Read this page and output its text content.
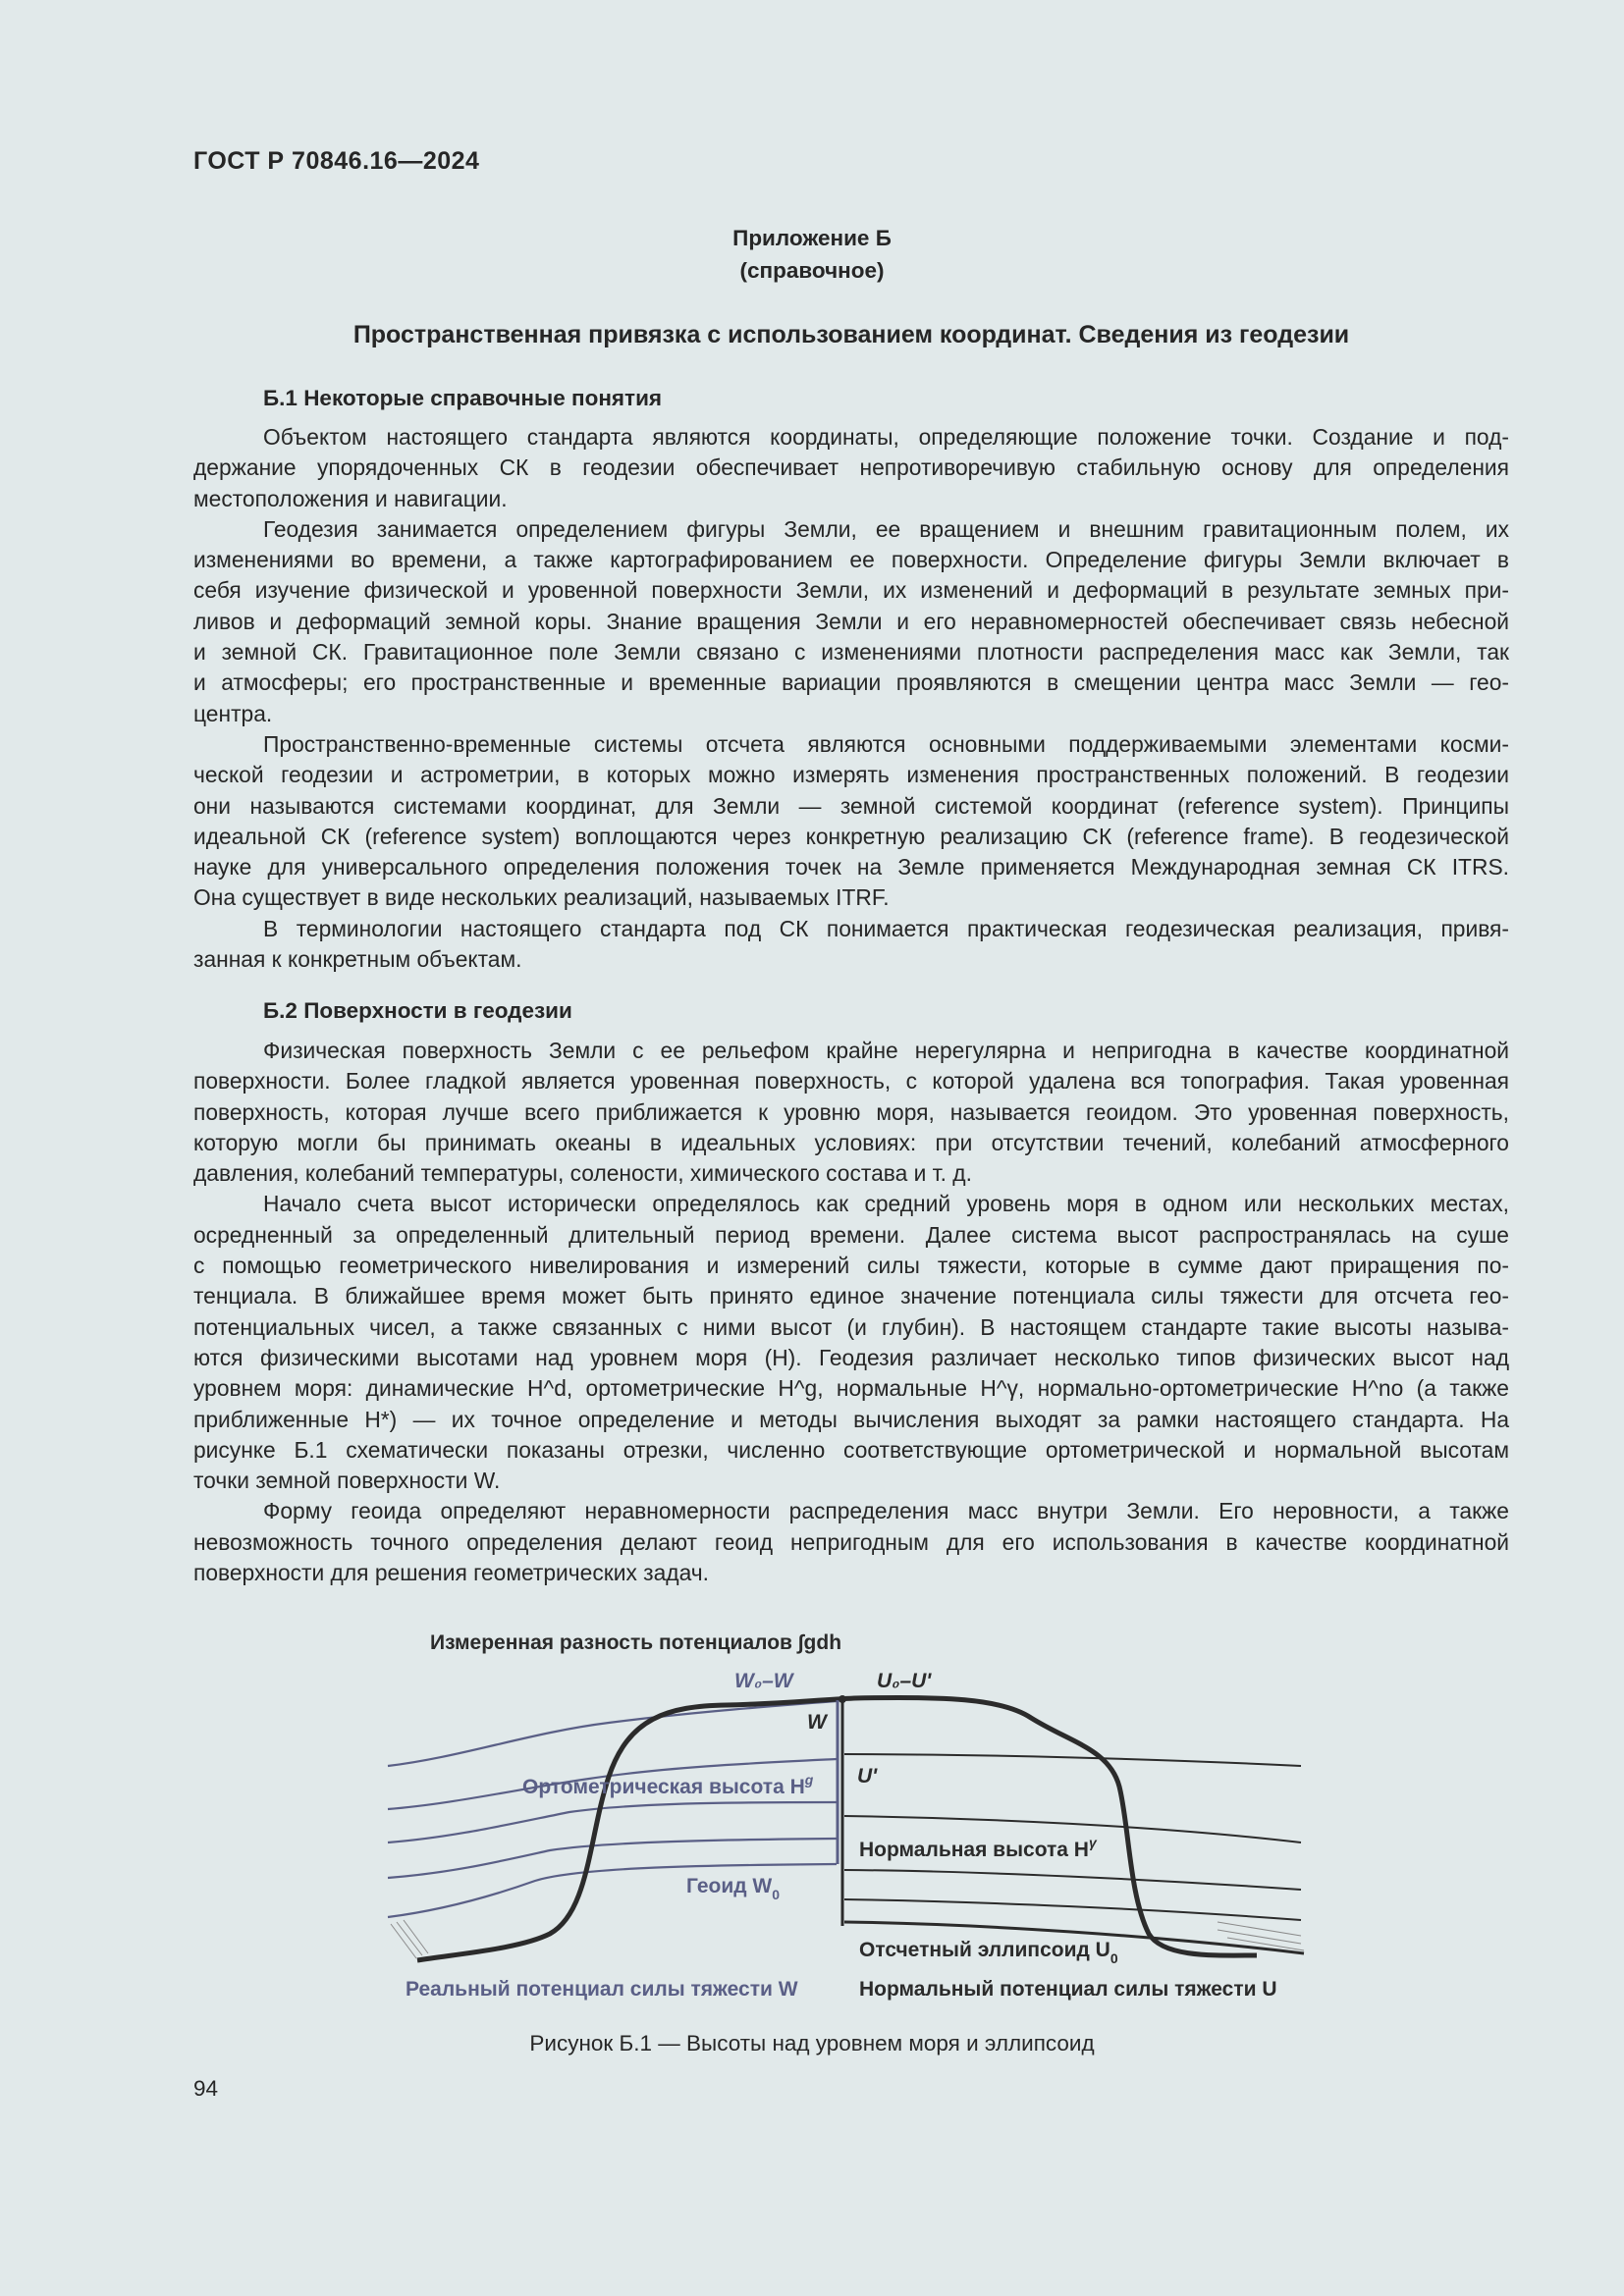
ГОСТ Р 70846.16—2024
Приложение Б
(справочное)
Пространственная привязка с использованием координат. Сведения из геодезии
Б.1 Некоторые справочные понятия
Объектом настоящего стандарта являются координаты, определяющие положение точки. Создание и под-
держание упорядоченных СК в геодезии обеспечивает непротиворечивую стабильную основу для определения
местоположения и навигации.
Геодезия занимается определением фигуры Земли, ее вращением и внешним гравитационным полем, их
изменениями во времени, а также картографированием ее поверхности. Определение фигуры Земли включает в
себя изучение физической и уровенной поверхности Земли, их изменений и деформаций в результате земных при-
ливов и деформаций земной коры. Знание вращения Земли и его неравномерностей обеспечивает связь небесной
и земной СК. Гравитационное поле Земли связано с изменениями плотности распределения масс как Земли, так
и атмосферы; его пространственные и временные вариации проявляются в смещении центра масс Земли — гео-
центра.
Пространственно-временные системы отсчета являются основными поддерживаемыми элементами косми-
ческой геодезии и астрометрии, в которых можно измерять изменения пространственных положений. В геодезии
они называются системами координат, для Земли — земной системой координат (reference system). Принципы
идеальной СК (reference system) воплощаются через конкретную реализацию СК (reference frame). В геодезической
науке для универсального определения положения точек на Земле применяется Международная земная СК ITRS.
Она существует в виде нескольких реализаций, называемых ITRF.
В терминологии настоящего стандарта под СК понимается практическая геодезическая реализация, привя-
занная к конкретным объектам.
Б.2 Поверхности в геодезии
Физическая поверхность Земли с ее рельефом крайне нерегулярна и непригодна в качестве координатной
поверхности. Более гладкой является уровенная поверхность, с которой удалена вся топография. Такая уровенная
поверхность, которая лучше всего приближается к уровню моря, называется геоидом. Это уровенная поверхность,
которую могли бы принимать океаны в идеальных условиях: при отсутствии течений, колебаний атмосферного
давления, колебаний температуры, солености, химического состава и т. д.
Начало счета высот исторически определялось как средний уровень моря в одном или нескольких местах,
осредненный за определенный длительный период времени. Далее система высот распространялась на суше
с помощью геометрического нивелирования и измерений силы тяжести, которые в сумме дают приращения по-
тенциала. В ближайшее время может быть принято единое значение потенциала силы тяжести для отсчета гео-
потенциальных чисел, а также связанных с ними высот (и глубин). В настоящем стандарте такие высоты называ-
ются физическими высотами над уровнем моря (H). Геодезия различает несколько типов физических высот над
уровнем моря: динамические H^d, ортометрические H^g, нормальные H^γ, нормально-ортометрические H^no (а также
приближенные H*) — их точное определение и методы вычисления выходят за рамки настоящего стандарта. На
рисунке Б.1 схематически показаны отрезки, численно соответствующие ортометрической и нормальной высотам
точки земной поверхности W.
Форму геоида определяют неравномерности распределения масс внутри Земли. Его неровности, а также
невозможность точного определения делают геоид непригодным для его использования в качестве координатной
поверхности для решения геометрических задач.
Измеренная разность потенциалов ∫gdh
W₀–W	U₀–U'
W
U'
Ортометрическая высота $H^g$
Нормальная высота $H^\gamma$
Геоид $W_0$
Отсчетный эллипсоид $U_0$
Реальный потенциал силы тяжести W	Нормальный потенциал силы тяжести U
Рисунок Б.1 — Высоты над уровнем моря и эллипсоид
94
